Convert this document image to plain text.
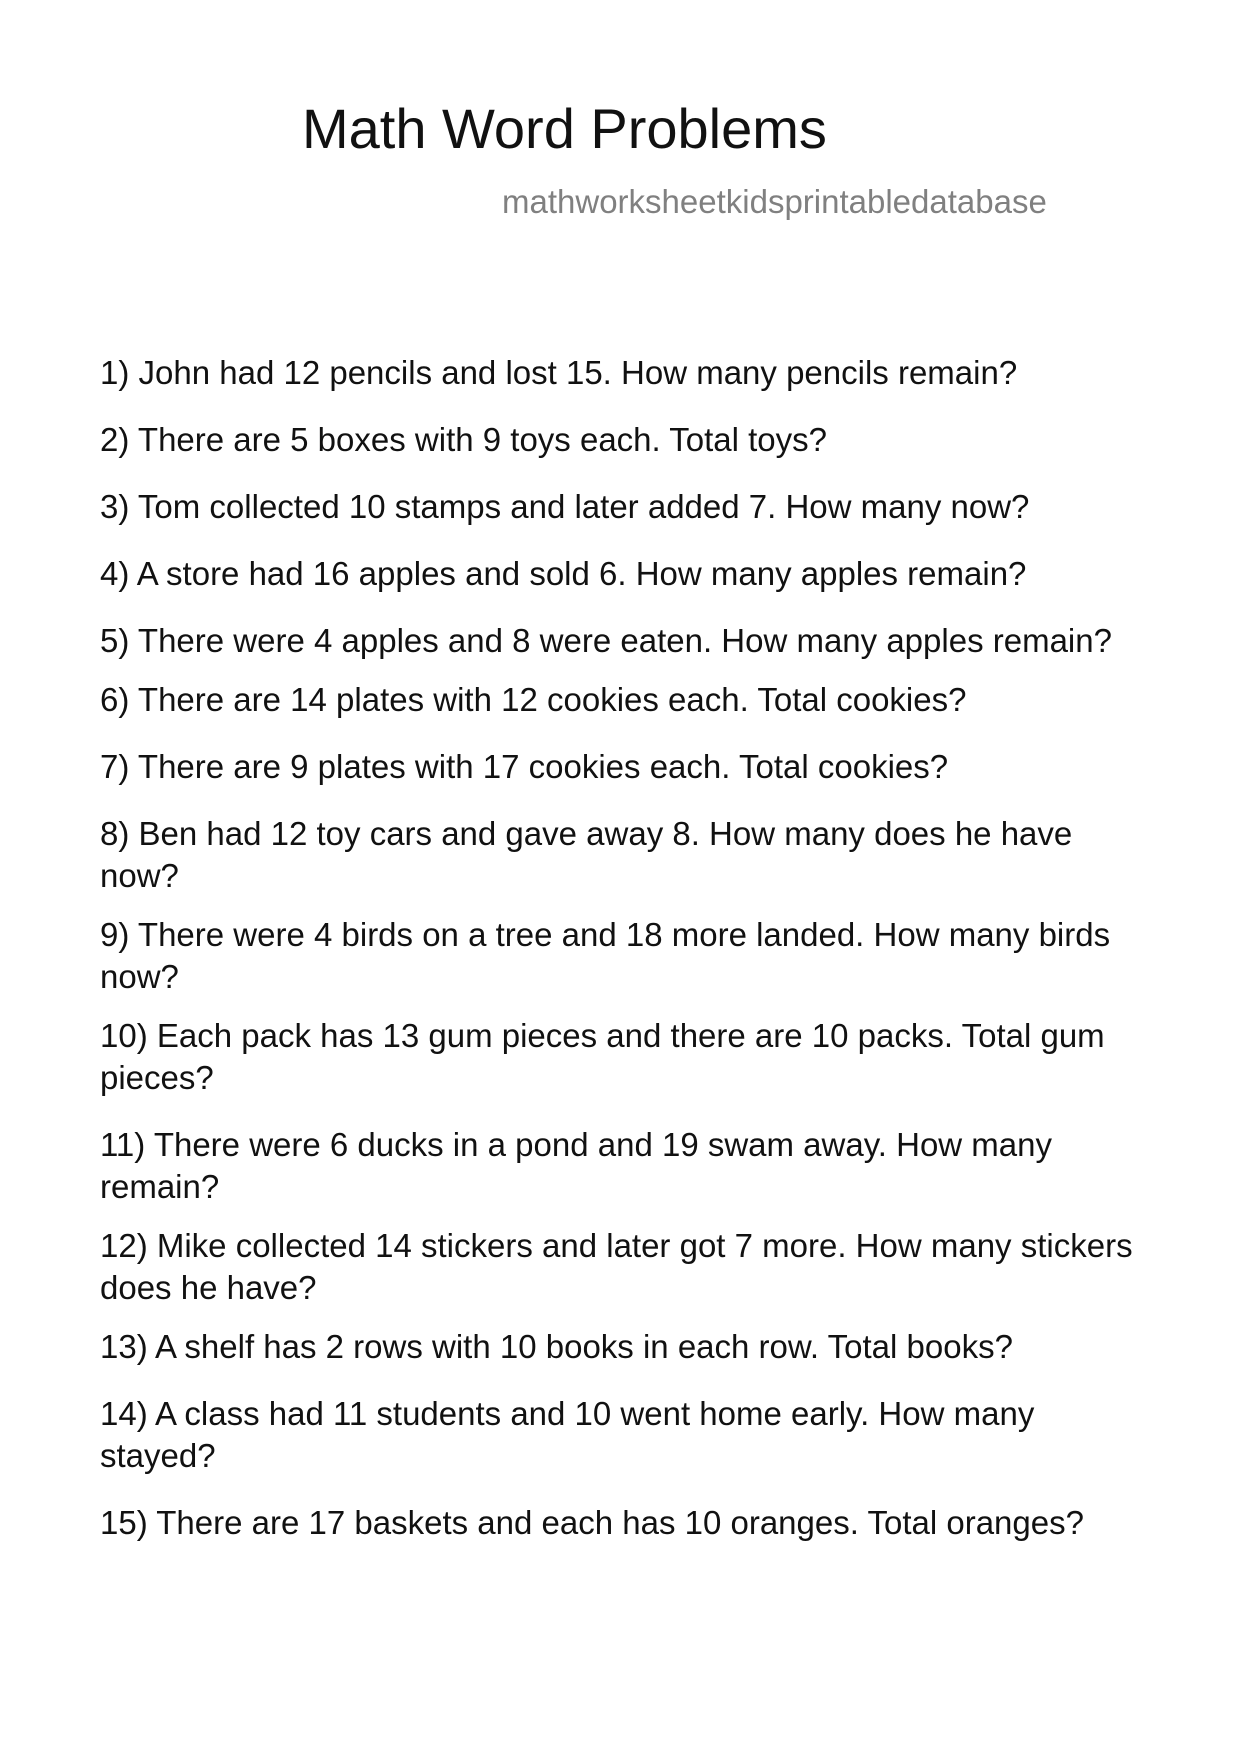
Math Word Problems
mathworksheetkidsprintabledatabase
1) John had 12 pencils and lost 15. How many pencils remain?
2) There are 5 boxes with 9 toys each. Total toys?
3) Tom collected 10 stamps and later added 7. How many now?
4) A store had 16 apples and sold 6. How many apples remain?
5) There were 4 apples and 8 were eaten. How many apples remain?
6) There are 14 plates with 12 cookies each. Total cookies?
7) There are 9 plates with 17 cookies each. Total cookies?
8) Ben had 12 toy cars and gave away 8. How many does he have now?
9) There were 4 birds on a tree and 18 more landed. How many birds now?
10) Each pack has 13 gum pieces and there are 10 packs. Total gum pieces?
11) There were 6 ducks in a pond and 19 swam away. How many remain?
12) Mike collected 14 stickers and later got 7 more. How many stickers does he have?
13) A shelf has 2 rows with 10 books in each row. Total books?
14) A class had 11 students and 10 went home early. How many stayed?
15) There are 17 baskets and each has 10 oranges. Total oranges?
